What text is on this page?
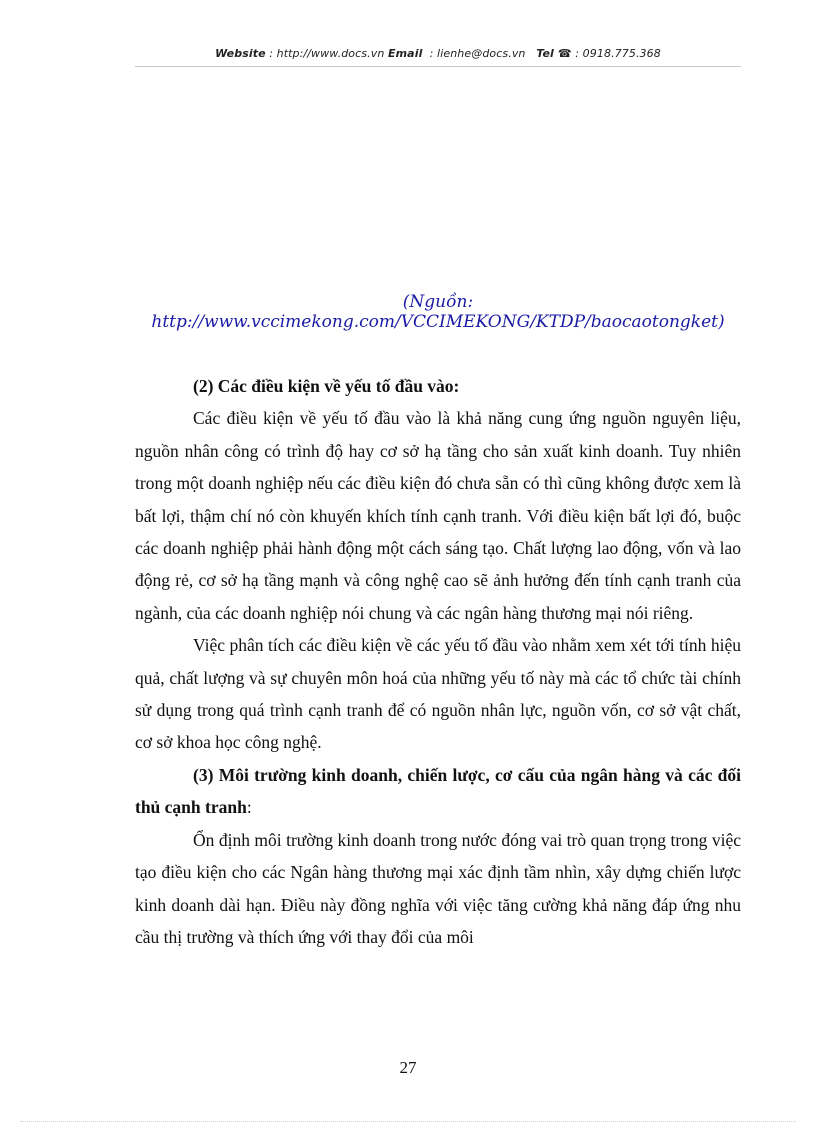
Website : http://www.docs.vn Email  : lienhe@docs.vn   Tel ☎ : 0918.775.368
(Nguồn: http://www.vccimekong.com/VCCIMEKONG/KTDP/baocaotongket)
(2) Các điều kiện về yếu tố đầu vào:

Các điều kiện về yếu tố đầu vào là khả năng cung ứng nguồn nguyên liệu, nguồn nhân công có trình độ hay cơ sở hạ tầng cho sản xuất kinh doanh. Tuy nhiên trong một doanh nghiệp nếu các điều kiện đó chưa sẵn có thì cũng không được xem là bất lợi, thậm chí nó còn khuyến khích tính cạnh tranh. Với điều kiện bất lợi đó, buộc các doanh nghiệp phải hành động một cách sáng tạo. Chất lượng lao động, vốn và lao động rẻ, cơ sở hạ tầng mạnh và công nghệ cao sẽ ảnh hưởng đến tính cạnh tranh của ngành, của các doanh nghiệp nói chung và các ngân hàng thương mại nói riêng.

Việc phân tích các điều kiện về các yếu tố đầu vào nhằm xem xét tới tính hiệu quả, chất lượng và sự chuyên môn hoá của những yếu tố này mà các tổ chức tài chính sử dụng trong quá trình cạnh tranh để có nguồn nhân lực, nguồn vốn, cơ sở vật chất, cơ sở khoa học công nghệ.

(3) Môi trường kinh doanh, chiến lược, cơ cấu của ngân hàng và các đối thủ cạnh tranh:

Ổn định môi trường kinh doanh trong nước đóng vai trò quan trọng trong việc tạo điều kiện cho các Ngân hàng thương mại xác định tầm nhìn, xây dựng chiến lược kinh doanh dài hạn. Điều này đồng nghĩa với việc tăng cường khả năng đáp ứng nhu cầu thị trường và thích ứng với thay đổi của môi

27
